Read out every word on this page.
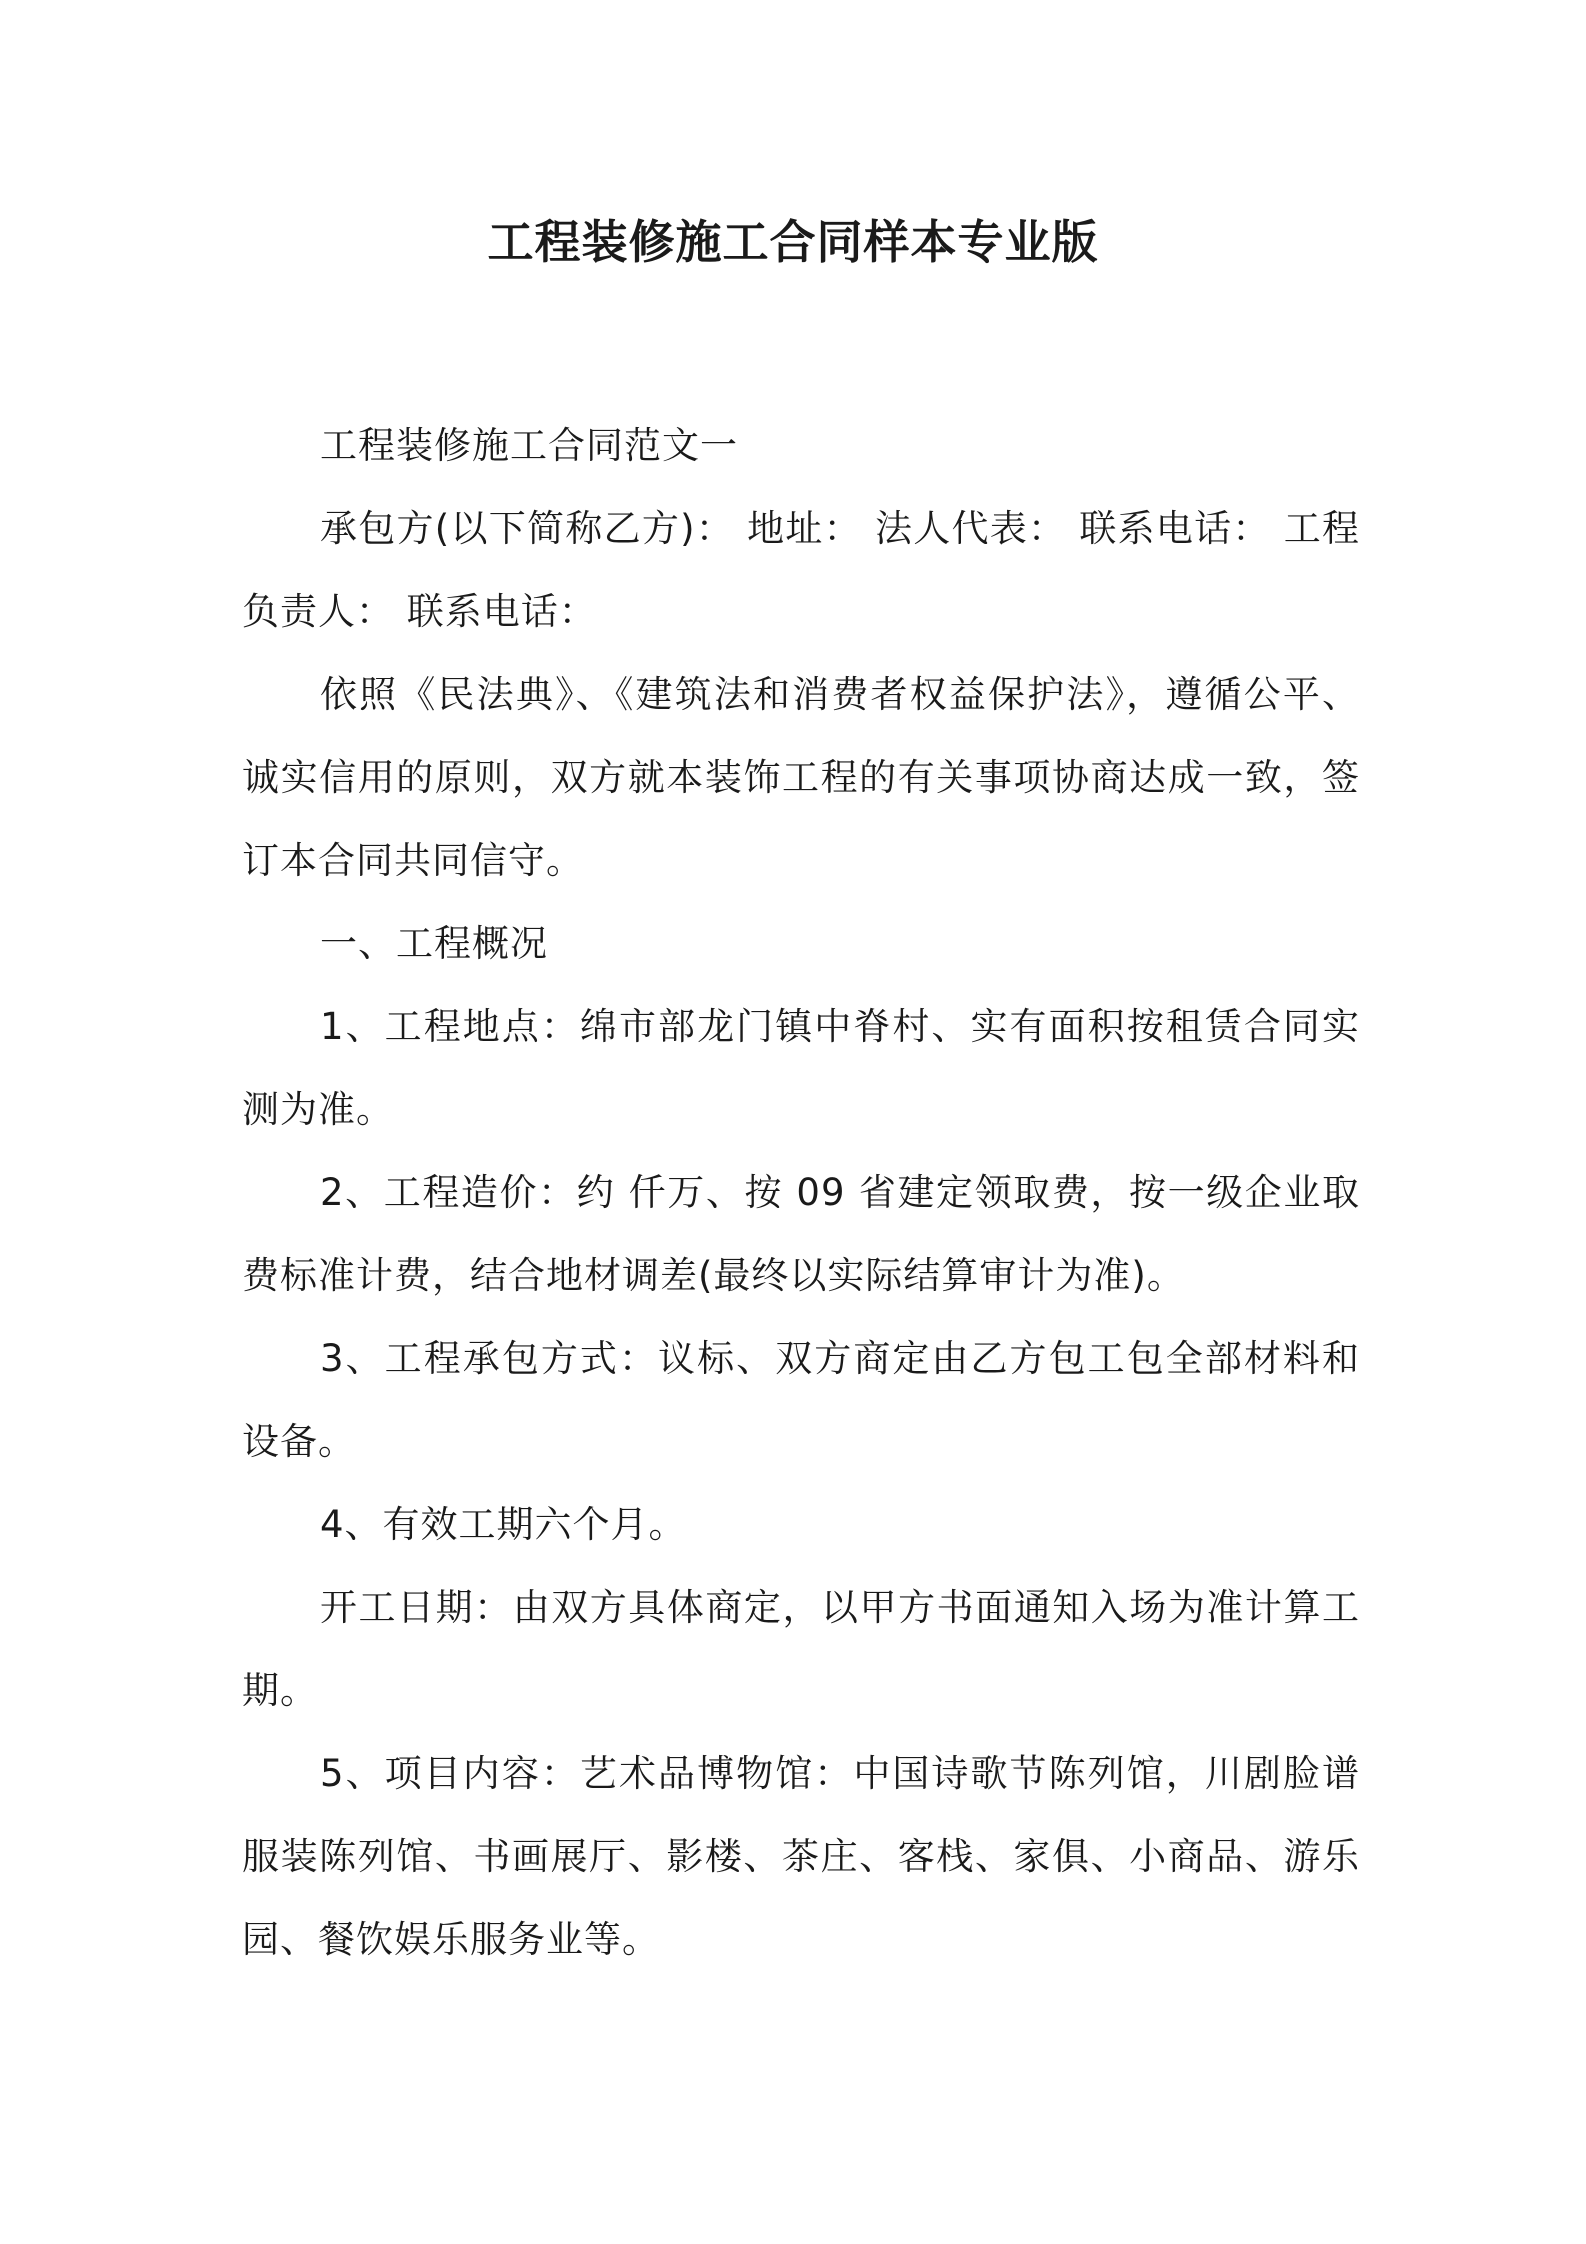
工程装修施工合同样本专业版

工程装修施工合同范文一

承包方(以下简称乙方)： 地址： 法人代表： 联系电话： 工程负责人： 联系电话：

依照《民法典》、《建筑法和消费者权益保护法》，遵循公平、诚实信用的原则，双方就本装饰工程的有关事项协商达成一致，签订本合同共同信守。

一、工程概况

1、工程地点：绵市部龙门镇中脊村、实有面积按租赁合同实测为准。

2、工程造价：约 仟万、按 09 省建定领取费，按一级企业取费标准计费，结合地材调差(最终以实际结算审计为准)。

3、工程承包方式：议标、双方商定由乙方包工包全部材料和设备。

4、有效工期六个月。

开工日期：由双方具体商定，以甲方书面通知入场为准计算工期。

5、项目内容：艺术品博物馆：中国诗歌节陈列馆，川剧脸谱服装陈列馆、书画展厅、影楼、茶庄、客栈、家俱、小商品、游乐园、餐饮娱乐服务业等。
